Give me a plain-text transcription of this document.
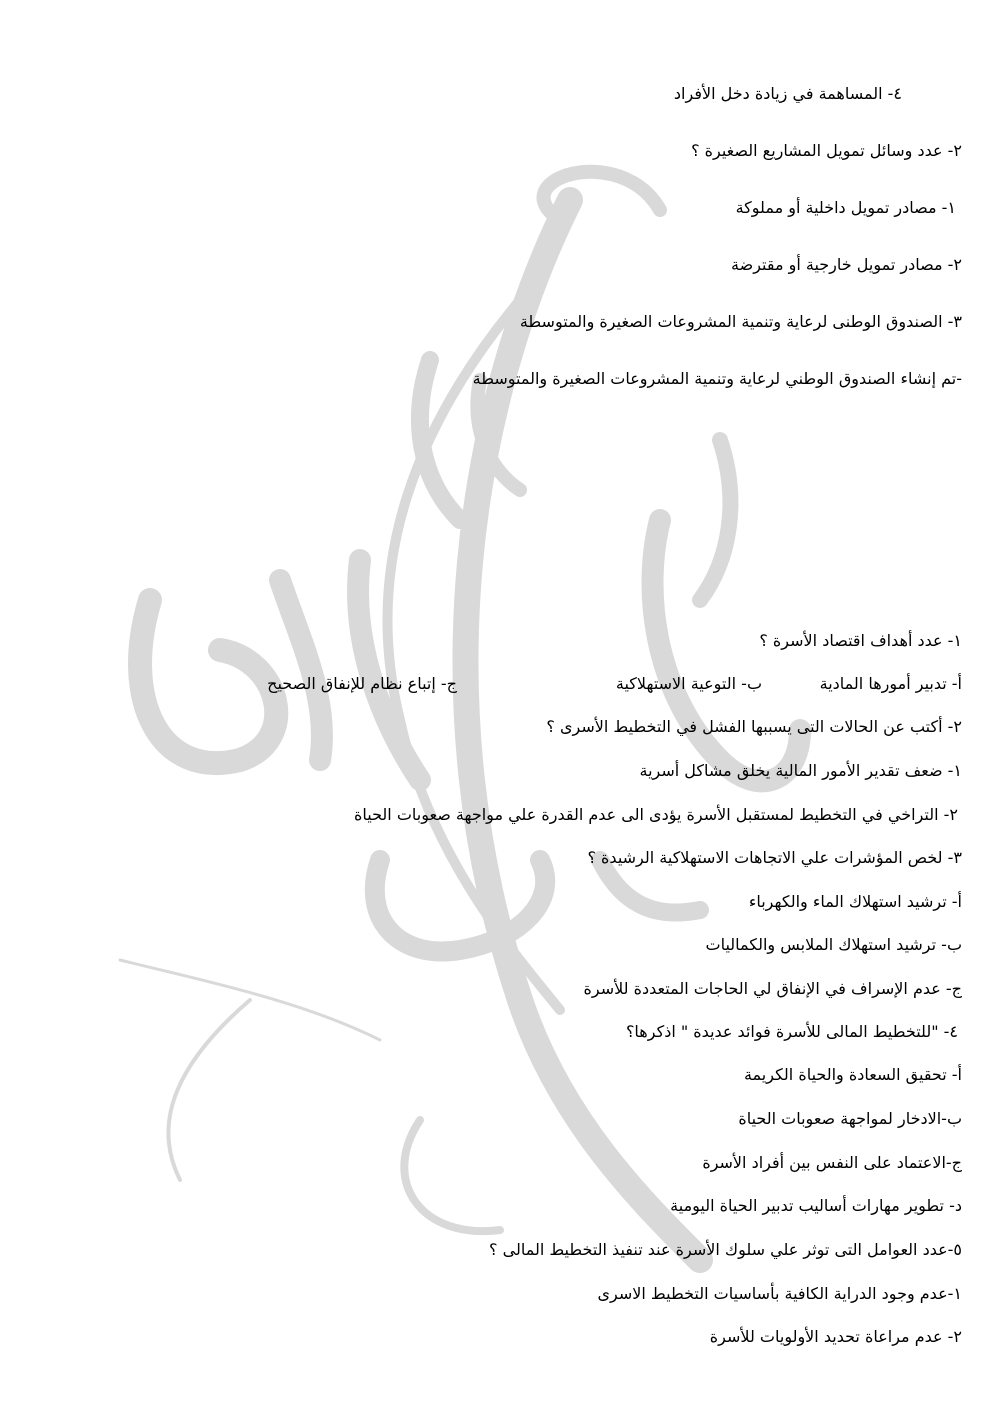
٤- المساهمة في زيادة دخل الأفراد
٢- عدد وسائل تمويل المشاريع الصغيرة ؟
١- مصادر تمويل داخلية أو مملوكة
٢- مصادر تمويل خارجية أو مقترضة
٣- الصندوق الوطنى لرعاية وتنمية المشروعات الصغيرة والمتوسطة
-تم إنشاء الصندوق الوطني لرعاية وتنمية المشروعات الصغيرة والمتوسطة
١- عدد أهداف اقتصاد الأسرة ؟
أ- تدبير أمورها المادية
ب- التوعية الاستهلاكية
ج- إتباع نظام للإنفاق الصحيح
٢- أكتب عن الحالات التى يسببها الفشل في التخطيط الأسرى ؟
١- ضعف تقدير الأمور المالية يخلق مشاكل أسرية
٢- التراخي في التخطيط لمستقبل الأسرة يؤدى الى عدم القدرة علي مواجهة صعوبات الحياة
٣- لخص المؤشرات علي الاتجاهات الاستهلاكية الرشيدة ؟
أ- ترشيد استهلاك الماء والكهرباء
ب- ترشيد استهلاك الملابس والكماليات
ج- عدم الإسراف في الإنفاق لي الحاجات المتعددة للأسرة
٤- "للتخطيط المالى للأسرة فوائد عديدة " اذكرها؟
أ- تحقيق السعادة والحياة الكريمة
ب-الادخار لمواجهة صعوبات الحياة
ج-الاعتماد على النفس بين أفراد الأسرة
د- تطوير مهارات أساليب تدبير الحياة اليومية
٥-عدد العوامل التى توثر علي سلوك الأسرة عند تنفيذ التخطيط المالى ؟
١-عدم وجود الدراية الكافية بأساسيات التخطيط الاسرى
٢- عدم مراعاة تحديد الأولويات للأسرة
